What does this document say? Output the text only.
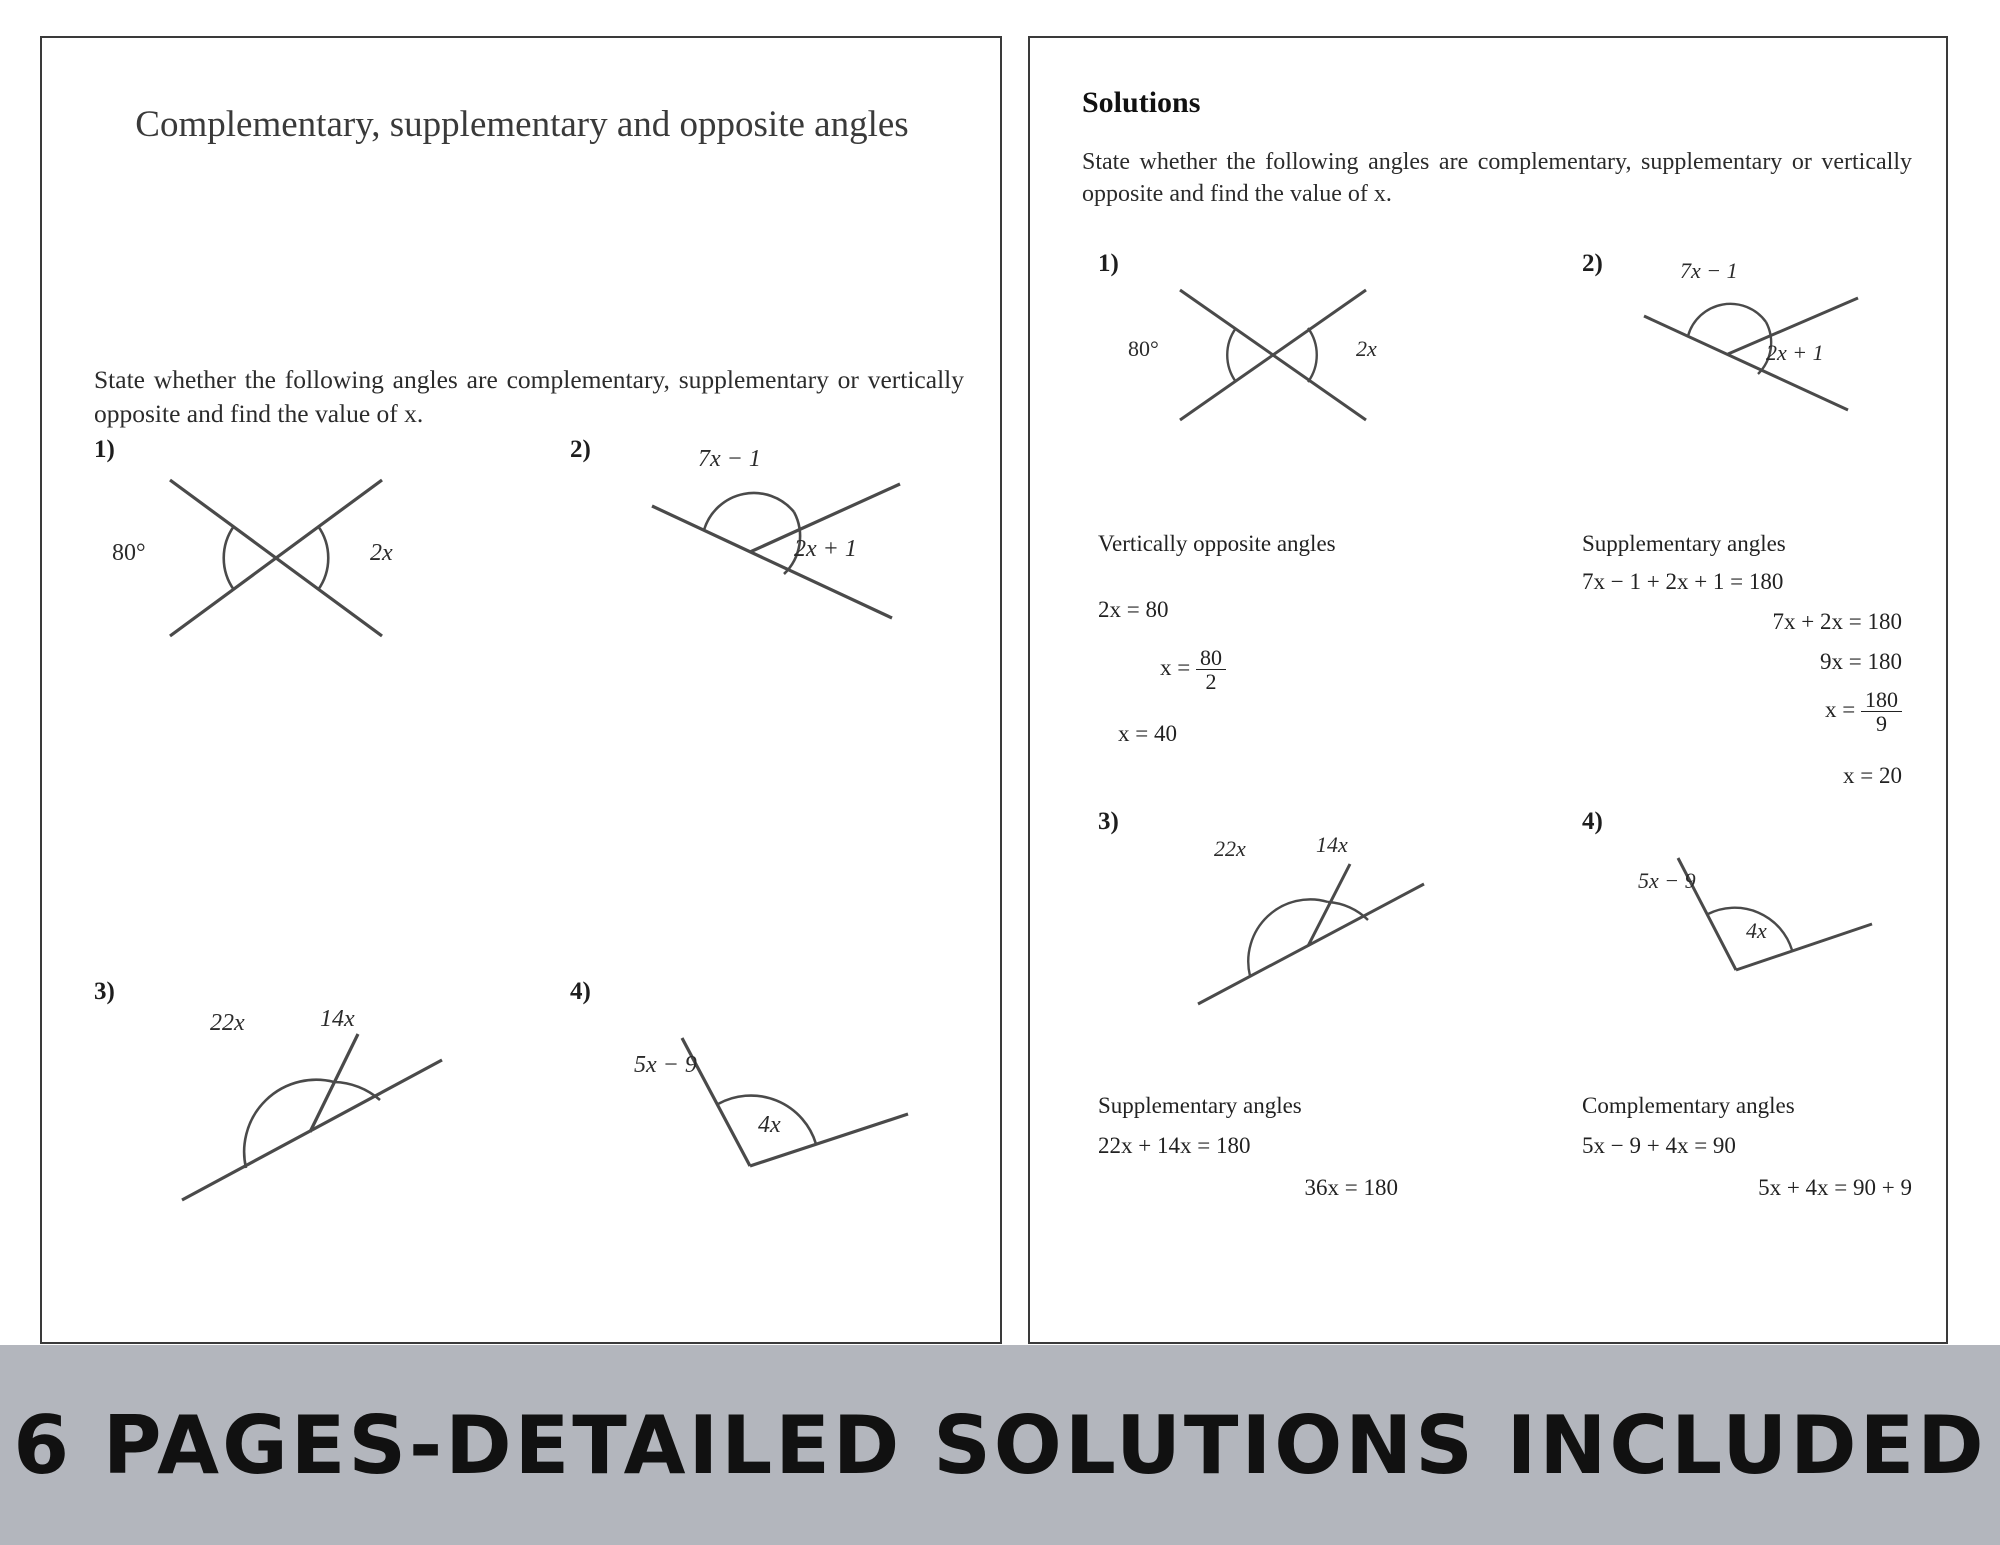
Complementary, supplementary and opposite angles
State whether the following angles are complementary, supplementary or vertically opposite and find the value of x.
1)
80°	2x
2)	7x − 1
2x + 1
3)
22x	14x
4)
5x − 9
4x
Solutions
State whether the following angles are complementary, supplementary or vertically opposite and find the value of x.
1)
80°	2x
Vertically opposite angles
2x = 80
$x = \frac{80}{2}$
x = 40
2)	7x − 1
2x + 1
Supplementary angles
7x − 1 + 2x + 1 = 180
7x + 2x = 180
9x = 180
$x = \frac{180}{9}$
x = 20
3)
22x	14x
Supplementary angles
22x + 14x = 180
36x = 180
4)
5x − 9
4x
Complementary angles
5x − 9 + 4x = 90
5x + 4x = 90 + 9
6 PAGES-DETAILED SOLUTIONS INCLUDED
